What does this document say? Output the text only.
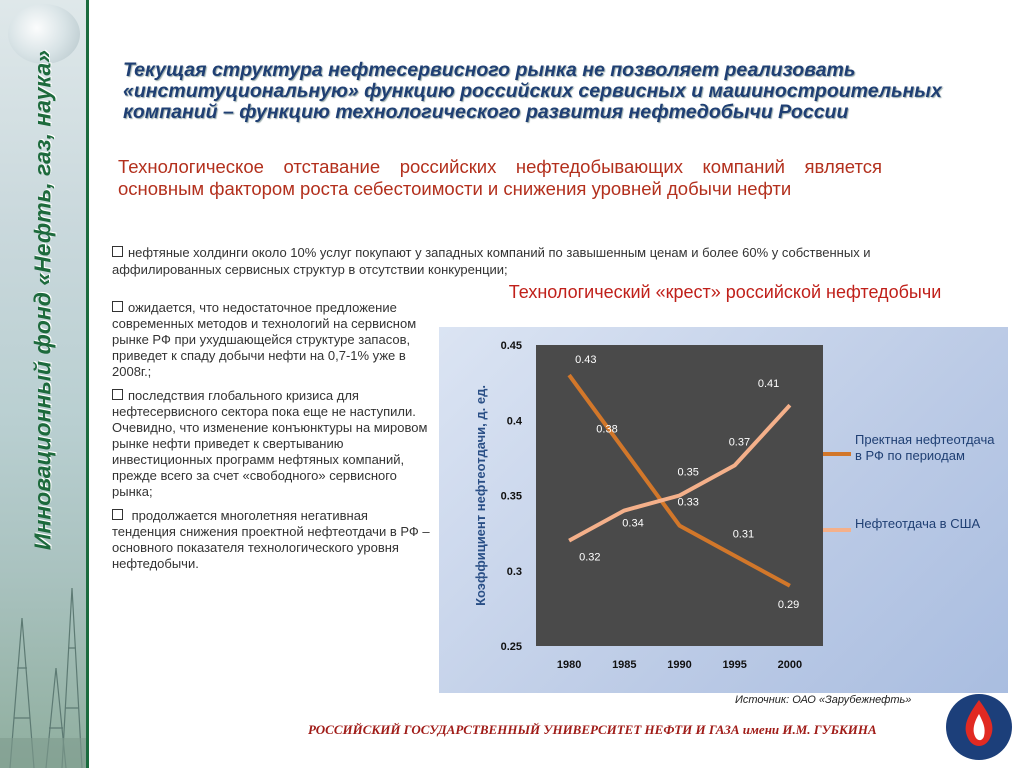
Инновационный фонд «Нефть, газ, наука»	Текущая структура нефтесервисного рынка не позволяет реализовать «институциональную» функцию российских сервисных и машиностроительных компаний – функцию технологического развития нефтедобычи России
Технологическое отставание российских нефтедобывающих компаний является основным фактором роста себестоимости и снижения уровней добычи нефти
нефтяные холдинги около 10% услуг покупают у западных компаний по завышенным ценам и более 60% у собственных и аффилированных сервисных структур в отсутствии конкуренции;

ожидается, что недостаточное предложение современных методов и технологий на сервисном рынке РФ при ухудшающейся структуре запасов, приведет к спаду добычи нефти на 0,7-1% уже в 2008г.;

последствия глобального кризиса для нефтесервисного сектора пока еще не наступили. Очевидно, что изменение конъюнктуры на мировом рынке нефти приведет к свертыванию инвестиционных программ нефтяных компаний, прежде всего за счет «свободного» сервисного рынка;

продолжается многолетняя негативная тенденция снижения проектной нефтеотдачи в РФ – основного показателя технологического уровня нефтедобычи.

Технологический «крест» российской нефтедобычи
0.25
0.3
0.35
0.4
0.45
1980	1985	1990	1995	2000
Коэффициент нефтеотдачи, д. ед.
0.43
0.38
0.33
0.31
0.29
0.32
0.34
0.35
0.37
0.41
Пректная нефтеотдача в РФ по периодам
Нефтеотдача в США
Источник: ОАО «Зарубежнефть»
РОССИЙСКИЙ ГОСУДАРСТВЕННЫЙ УНИВЕРСИТЕТ НЕФТИ И ГАЗА имени И.М. ГУБКИНА
